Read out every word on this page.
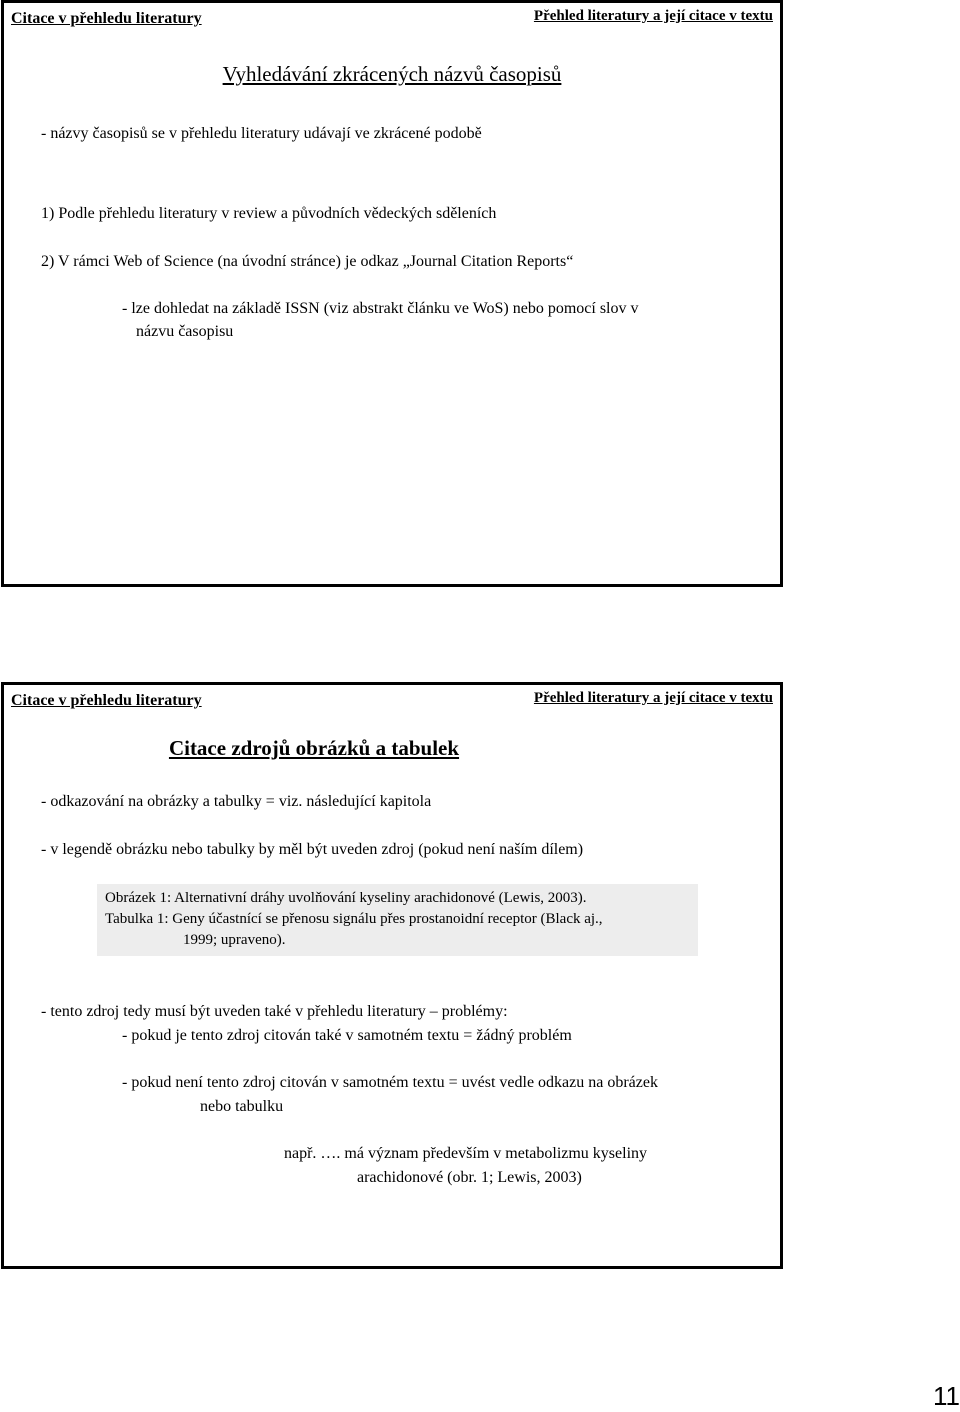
Citace v přehledu literatury	Přehled literatury a její citace v textu

Vyhledávání zkrácených názvů časopisů

- názvy časopisů se v přehledu literatury udávají ve zkrácené podobě

1) Podle přehledu literatury v review a původních vědeckých sděleních

2) V rámci Web of Science (na úvodní stránce) je odkaz „Journal Citation Reports“

- lze dohledat na základě ISSN (viz abstrakt článku ve WoS) nebo pomocí slov v

názvu časopisu

Citace v přehledu literatury	Přehled literatury a její citace v textu

Citace zdrojů obrázků a tabulek

- odkazování na obrázky a tabulky = viz. následující kapitola

- v legendě obrázku nebo tabulky by měl být uveden zdroj (pokud není naším dílem)

Obrázek 1: Alternativní dráhy uvolňování kyseliny arachidonové (Lewis, 2003).
Tabulka 1: Geny účastnící se přenosu signálu přes prostanoidní receptor (Black aj.,
1999; upraveno).

- tento zdroj tedy musí být uveden také v přehledu literatury – problémy:

- pokud je tento zdroj citován také v samotném textu = žádný problém

- pokud není tento zdroj citován v samotném textu = uvést vedle odkazu na obrázek

nebo tabulku

např. …. má význam především v metabolizmu kyseliny

arachidonové (obr. 1; Lewis, 2003)

11
